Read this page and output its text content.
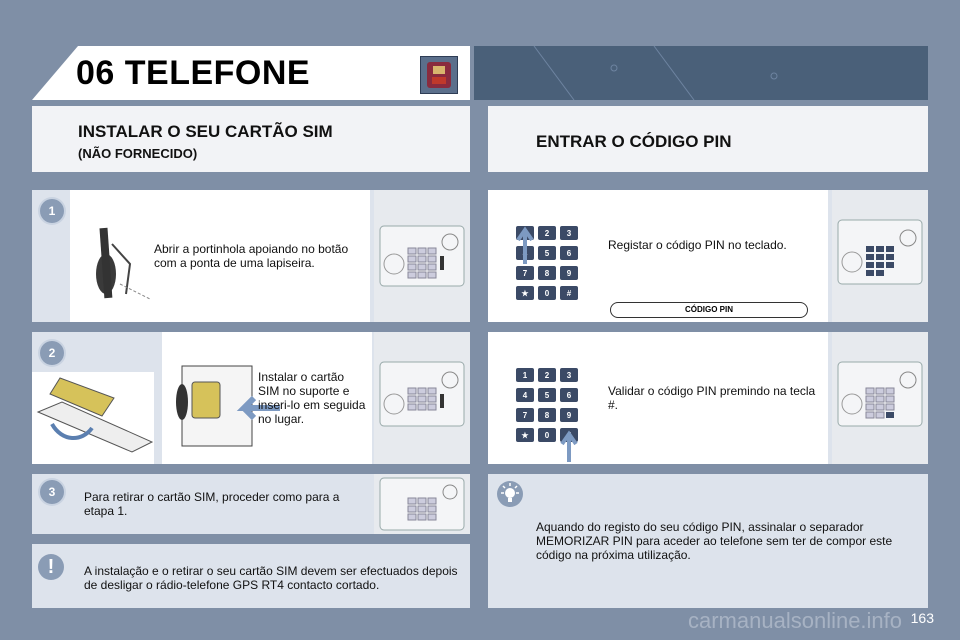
06 TELEFONE
INSTALAR O SEU CARTÃO SIM
(NÃO FORNECIDO)
ENTRAR O CÓDIGO PIN
1
Abrir a portinhola apoiando no botão com a ponta de uma lapiseira.
2
Instalar o cartão SIM no suporte e inseri-lo em seguida no lugar.
3	Para retirar o cartão SIM, proceder como para a etapa 1.
!	A instalação e o retirar o seu cartão SIM devem ser efectuados depois de desligar o rádio-telefone GPS RT4 contacto cortado.
1 2 3
4 5 6
7 8 9
★ 0 #
Registar o código PIN no teclado.
CÓDIGO PIN
1 2 3
4 5 6
7 8 9
★ 0 #
Validar o código PIN premindo na tecla #.
Aquando do registo do seu código PIN, assinalar o separador MEMORIZAR PIN para aceder ao telefone sem ter de compor este código na próxima utilização.
carmanualsonline.info 163
